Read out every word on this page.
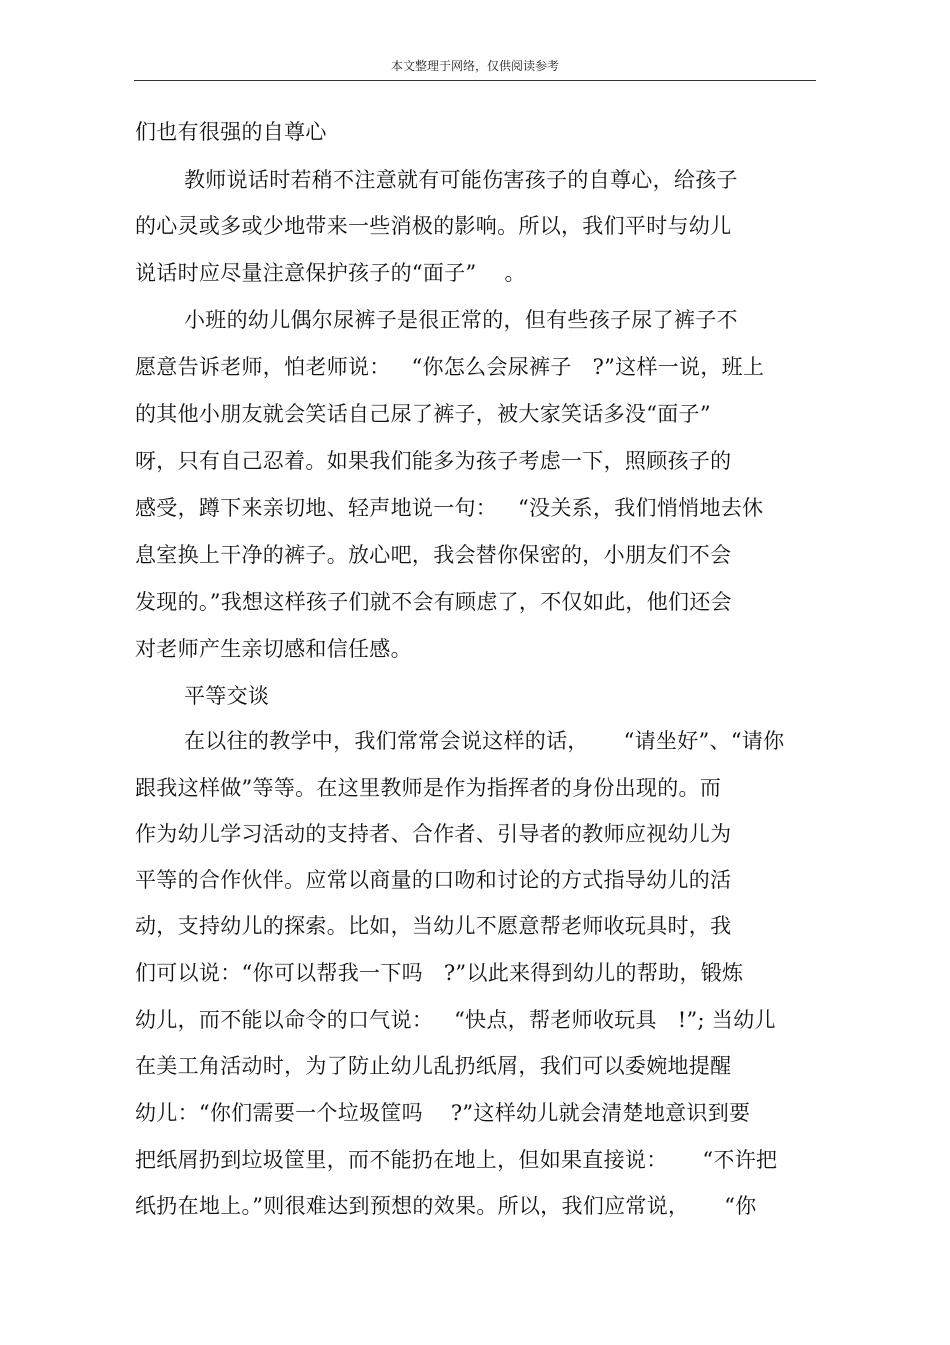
本文整理于网络，仅供阅读参考
们也有很强的自尊心
教师说话时若稍不注意就有可能伤害孩子的自尊心，给孩子
的心灵或多或少地带来一些消极的影响。所以，我们平时与幼儿
说话时应尽量注意保护孩子的“面子”    。
小班的幼儿偶尔尿裤子是很正常的，但有些孩子尿了裤子不
愿意告诉老师，怕老师说：   “你怎么会尿裤子   ?”这样一说，班上
的其他小朋友就会笑话自己尿了裤子，被大家笑话多没“面子”
呀，只有自己忍着。如果我们能多为孩子考虑一下，照顾孩子的
感受，蹲下来亲切地、轻声地说一句：   “没关系，我们悄悄地去休
息室换上干净的裤子。放心吧，我会替你保密的，小朋友们不会
发现的。”我想这样孩子们就不会有顾虑了，不仅如此，他们还会
对老师产生亲切感和信任感。
平等交谈
在以往的教学中，我们常常会说这样的话，     “请坐好”、“请你
跟我这样做”等等。在这里教师是作为指挥者的身份出现的。而
作为幼儿学习活动的支持者、合作者、引导者的教师应视幼儿为
平等的合作伙伴。应常以商量的口吻和讨论的方式指导幼儿的活
动，支持幼儿的探索。比如，当幼儿不愿意帮老师收玩具时，我
们可以说：“你可以帮我一下吗   ?”以此来得到幼儿的帮助，锻炼
幼儿，而不能以命令的口气说：   “快点，帮老师收玩具   !”; 当幼儿
在美工角活动时，为了防止幼儿乱扔纸屑，我们可以委婉地提醒
幼儿：“你们需要一个垃圾筐吗    ?”这样幼儿就会清楚地意识到要
把纸屑扔到垃圾筐里，而不能扔在地上，但如果直接说：     “不许把
纸扔在地上。”则很难达到预想的效果。所以，我们应常说，     “你
